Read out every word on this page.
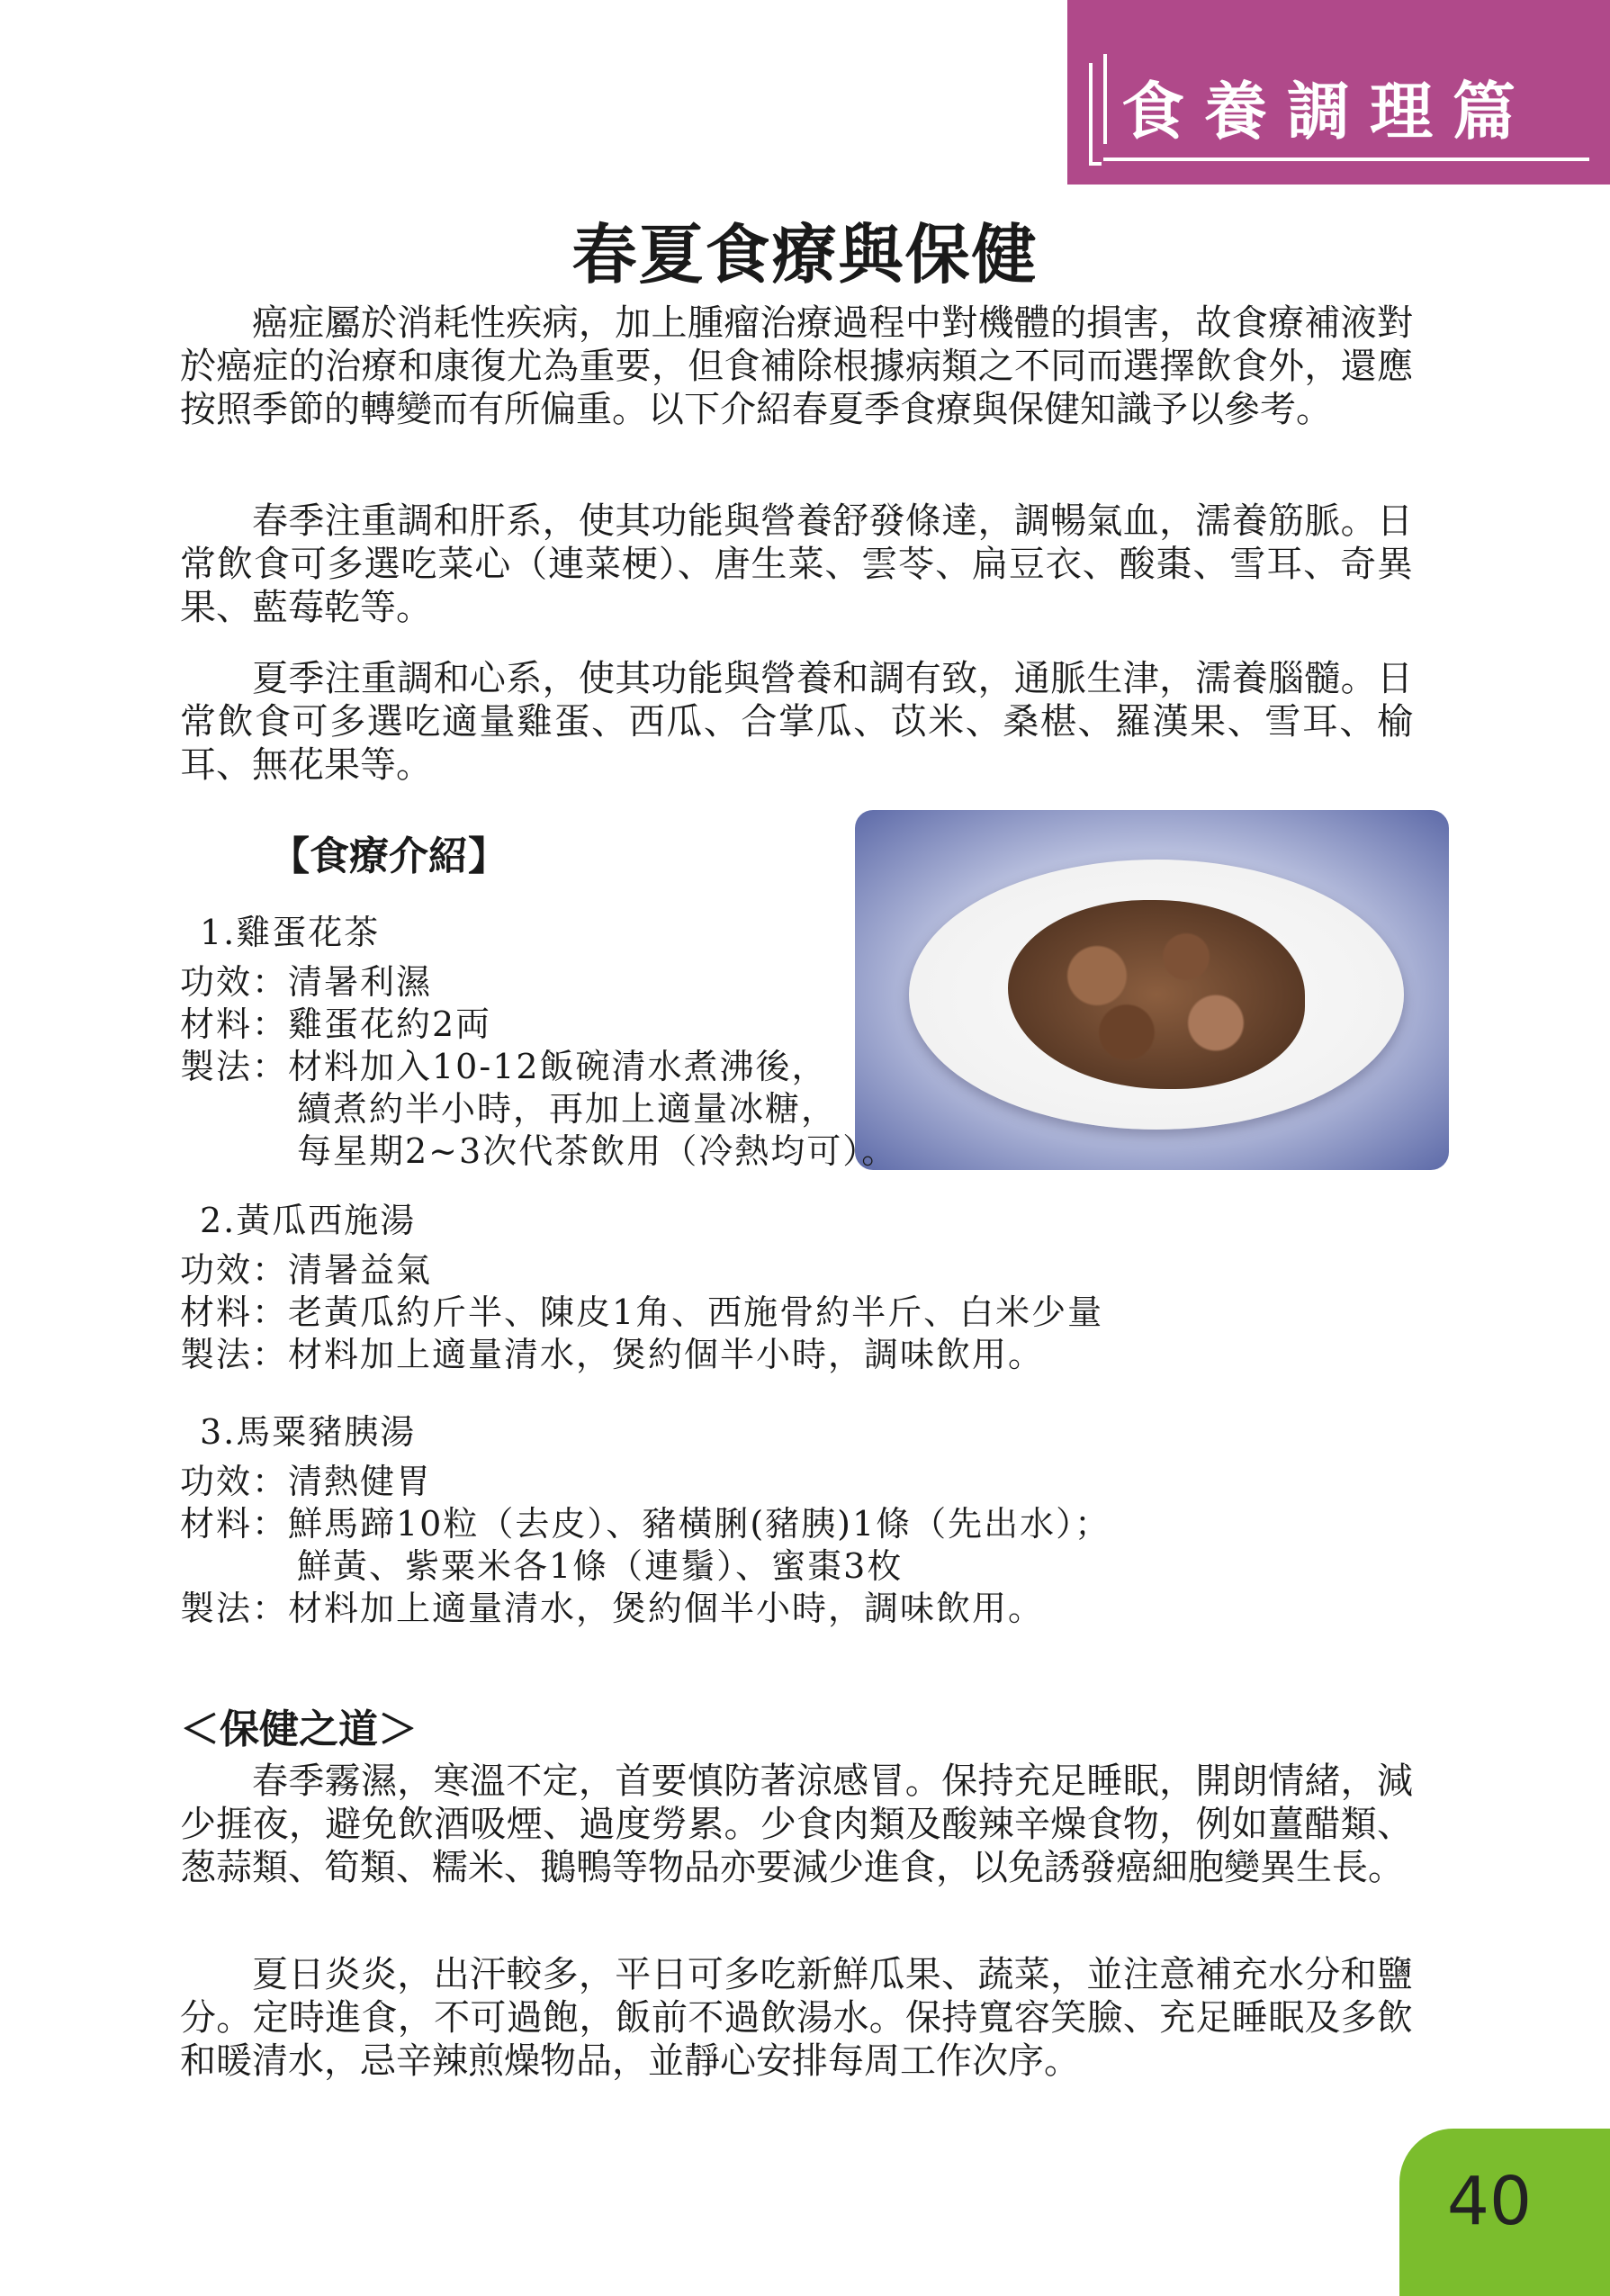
食養調理篇
春夏食療與保健

癌症屬於消耗性疾病，加上腫瘤治療過程中對機體的損害，故食療補液對於癌症的治療和康復尤為重要，但食補除根據病類之不同而選擇飲食外，還應按照季節的轉變而有所偏重。以下介紹春夏季食療與保健知識予以參考。

春季注重調和肝系，使其功能與營養舒發條達，調暢氣血，濡養筋脈。日常飲食可多選吃菜心（連菜梗）、唐生菜、雲苓、扁豆衣、酸棗、雪耳、奇異果、藍莓乾等。

夏季注重調和心系，使其功能與營養和調有致，通脈生津，濡養腦髓。日常飲食可多選吃適量雞蛋、西瓜、合掌瓜、苡米、桑椹、羅漢果、雪耳、榆耳、無花果等。

【食療介紹】

1.雞蛋花茶

功效：清暑利濕

材料：雞蛋花約2両

製法：材料加入10-12飯碗清水煮沸後，

續煮約半小時，再加上適量冰糖，

每星期2~3次代茶飲用（冷熱均可）。

2.黃瓜西施湯

功效：清暑益氣

材料：老黃瓜約斤半、陳皮1角、西施骨約半斤、白米少量

製法：材料加上適量清水，煲約個半小時，調味飲用。

3.馬粟豬胰湯

功效：清熱健胃

材料：鮮馬蹄10粒（去皮）、豬橫脷(豬胰)1條（先出水）；

鮮黃、紫粟米各1條（連鬚）、蜜棗3枚

製法：材料加上適量清水，煲約個半小時，調味飲用。

＜保健之道＞

春季霧濕，寒溫不定，首要慎防著涼感冒。保持充足睡眠，開朗情緒，減少捱夜，避免飲酒吸煙、過度勞累。少食肉類及酸辣辛燥食物，例如薑醋類、葱蒜類、筍類、糯米、鵝鴨等物品亦要減少進食，以免誘發癌細胞變異生長。

夏日炎炎，出汗較多，平日可多吃新鮮瓜果、蔬菜，並注意補充水分和鹽分。定時進食，不可過飽，飯前不過飲湯水。保持寬容笑臉、充足睡眠及多飲和暖清水，忌辛辣煎燥物品，並靜心安排每周工作次序。

40
